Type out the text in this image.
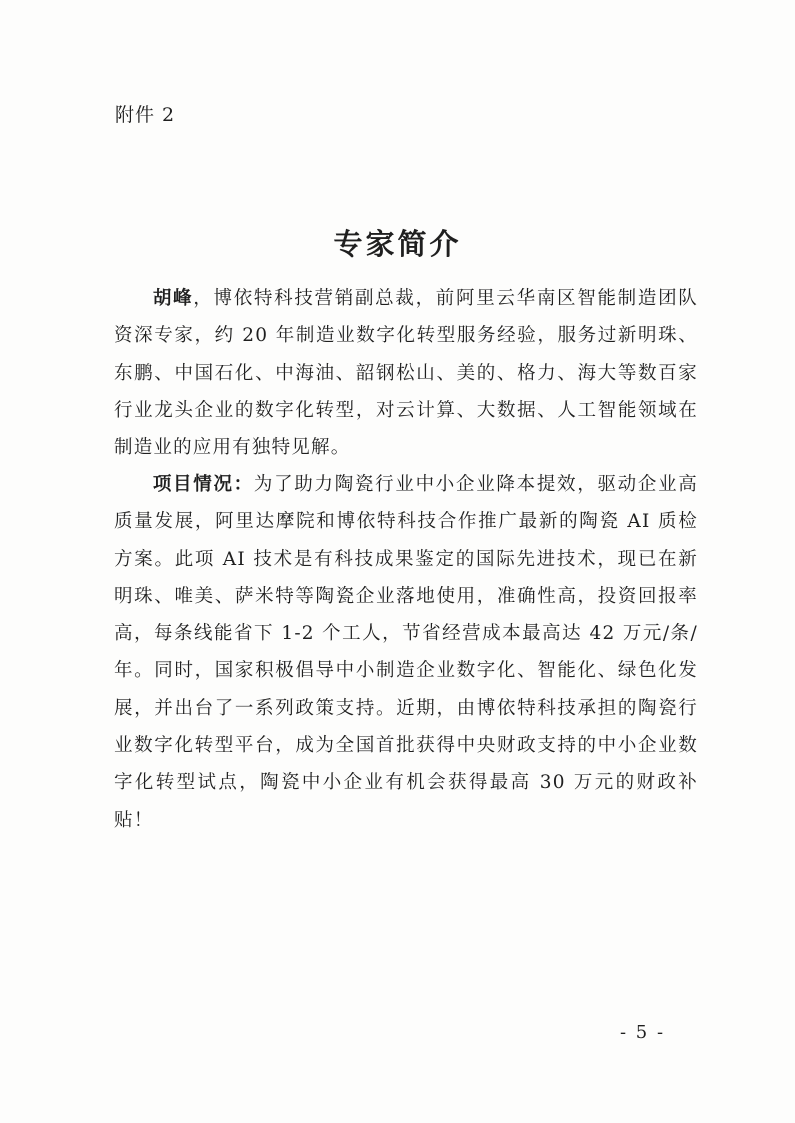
附件 2
专家简介

胡峰，博依特科技营销副总裁，前阿里云华南区智能制造团队资深专家，约 20 年制造业数字化转型服务经验，服务过新明珠、东鹏、中国石化、中海油、韶钢松山、美的、格力、海大等数百家行业龙头企业的数字化转型，对云计算、大数据、人工智能领域在制造业的应用有独特见解。

项目情况：为了助力陶瓷行业中小企业降本提效，驱动企业高质量发展，阿里达摩院和博依特科技合作推广最新的陶瓷 AI 质检方案。此项 AI 技术是有科技成果鉴定的国际先进技术，现已在新明珠、唯美、萨米特等陶瓷企业落地使用，准确性高，投资回报率高，每条线能省下 1-2 个工人，节省经营成本最高达 42 万元/条/年。同时，国家积极倡导中小制造企业数字化、智能化、绿色化发展，并出台了一系列政策支持。近期，由博依特科技承担的陶瓷行业数字化转型平台，成为全国首批获得中央财政支持的中小企业数字化转型试点，陶瓷中小企业有机会获得最高 30 万元的财政补贴！

- 5 -
